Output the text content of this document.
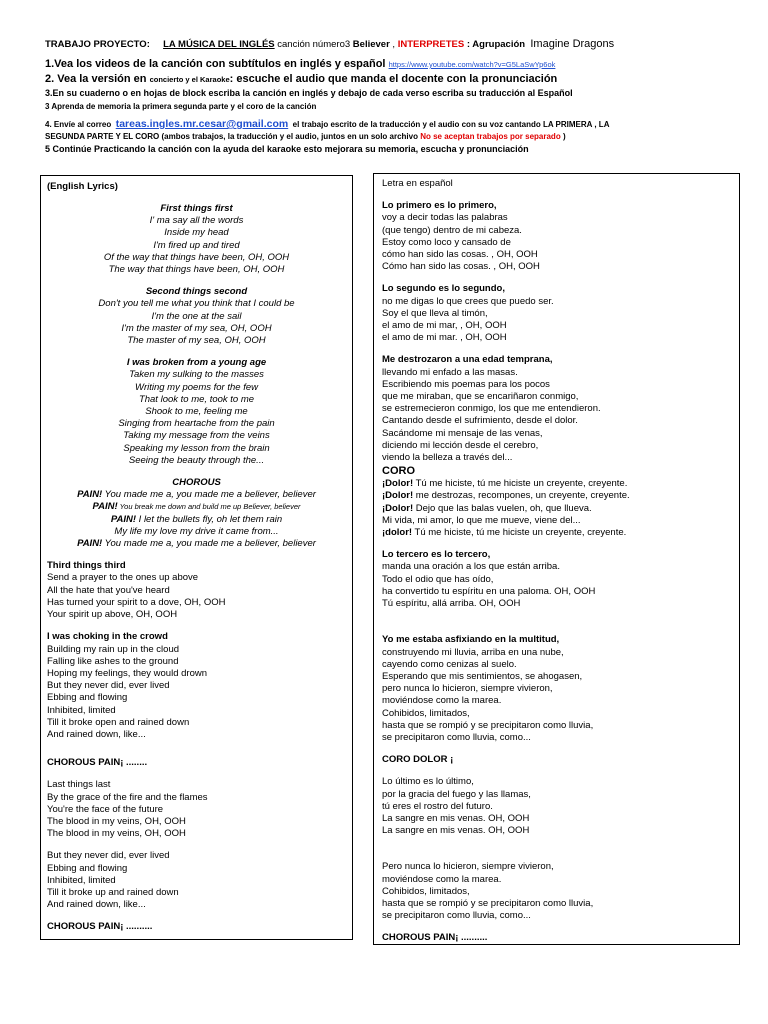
TRABAJO PROYECTO: LA MÚSICA DEL INGLÉS canción número3 Believer , INTERPRETES : Agrupación Imagine Dragons
1.Vea los videos de la canción con subtítulos en inglés y español https://www.youtube.com/watch?v=G5LaSwYp6ok
2. Vea la versión en concierto y el Karaoke: escuche el audio que manda el docente con la pronunciación
3.En su cuaderno o en hojas de block escriba la canción en inglés y debajo de cada verso escriba su traducción al Español
3 Aprenda de memoria la primera segunda parte y el coro de la canción
4. Envíe al correo tareas.ingles.mr.cesar@gmail.com el trabajo escrito de la traducción y el audio con su voz cantando LA PRIMERA , LA
SEGUNDA PARTE Y EL CORO (ambos trabajos, la traducción y el audio, juntos en un solo archivo No se aceptan trabajos por separado )
5 Continúe Practicando la canción con la ayuda del karaoke esto mejorara su memoria, escucha y pronunciación
(English Lyrics)
First things first
I' ma say all the words
Inside my head
I'm fired up and tired
Of the way that things have been, OH, OOH
The way that things have been, OH, OOH
Second things second
Don't you tell me what you think that I could be
I'm the one at the sail
I'm the master of my sea, OH, OOH
The master of my sea, OH, OOH
I was broken from a young age
Taken my sulking to the masses
Writing my poems for the few
That look to me, took to me
Shook to me, feeling me
Singing from heartache from the pain
Taking my message from the veins
Speaking my lesson from the brain
Seeing the beauty through the...
CHOROUS
PAIN! You made me a, you made me a believer, believer
PAIN! You break me down and build me up Believer, believer
PAIN! I let the bullets fly, oh let them rain
My life my love my drive it came from...
PAIN! You made me a, you made me a believer, believer
Third things third
Send a prayer to the ones up above
All the hate that you've heard
Has turned your spirit to a dove, OH, OOH
Your spirit up above, OH, OOH
I was choking in the crowd
Building my rain up in the cloud
Falling like ashes to the ground
Hoping my feelings, they would drown
But they never did, ever lived
Ebbing and flowing
Inhibited, limited
Till it broke open and rained down
And rained down, like...
CHOROUS PAIN¡ ........
Last things last
By the grace of the fire and the flames
You're the face of the future
The blood in my veins, OH, OOH
The blood in my veins, OH, OOH
But they never did, ever lived
Ebbing and flowing
Inhibited, limited
Till it broke up and rained down
And rained down, like...
CHOROUS PAIN¡ ..........
Letra en español
Lo primero es lo primero,
voy a decir todas las palabras
(que tengo) dentro de mi cabeza.
Estoy como loco y cansado de
cómo han sido las cosas. , OH, OOH
Cómo han sido las cosas. , OH, OOH
Lo segundo es lo segundo,
no me digas lo que crees que puedo ser.
Soy el que lleva al timón,
el amo de mi mar, , OH, OOH
el amo de mi mar. , OH, OOH
Me destrozaron a una edad temprana,
llevando mi enfado a las masas.
Escribiendo mis poemas para los pocos
que me miraban, que se encariñaron conmigo,
se estremecieron conmigo, los que me entendieron.
Cantando desde el sufrimiento, desde el dolor.
Sacándome mi mensaje de las venas,
diciendo mi lección desde el cerebro,
viendo la belleza a través del...
CORO
¡Dolor! Tú me hiciste, tú me hiciste un creyente, creyente.
¡Dolor! me destrozas, recompones, un creyente, creyente.
¡Dolor! Dejo que las balas vuelen, oh, que llueva.
Mi vida, mi amor, lo que me mueve, viene del...
¡dolor! Tú me hiciste, tú me hiciste un creyente, creyente.
Lo tercero es lo tercero,
manda una oración a los que están arriba.
Todo el odio que has oído,
ha convertido tu espíritu en una paloma. OH, OOH
Tú espíritu, allá arriba. OH, OOH
Yo me estaba asfixiando en la multitud,
construyendo mi lluvia, arriba en una nube,
cayendo como cenizas al suelo.
Esperando que mis sentimientos, se ahogasen,
pero nunca lo hicieron, siempre vivieron,
moviéndose como la marea.
Cohibidos, limitados,
hasta que se rompió y se precipitaron como lluvia,
se precipitaron como lluvia, como...
CORO DOLOR ¡
Lo último es lo último,
por la gracia del fuego y las llamas,
tú eres el rostro del futuro.
La sangre en mis venas. OH, OOH
La sangre en mis venas. OH, OOH
Pero nunca lo hicieron, siempre vivieron,
moviéndose como la marea.
Cohibidos, limitados,
hasta que se rompió y se precipitaron como lluvia,
se precipitaron como lluvia, como...
CHOROUS PAIN¡ ..........
